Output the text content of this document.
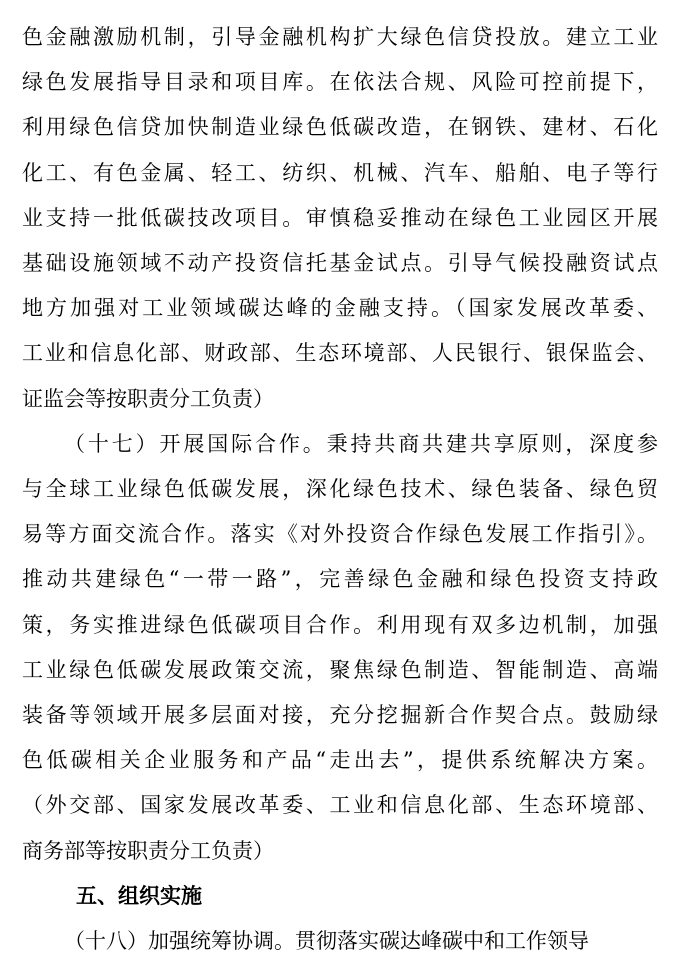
色金融激励机制，引导金融机构扩大绿色信贷投放。建立工业
绿色发展指导目录和项目库。在依法合规、风险可控前提下，
利用绿色信贷加快制造业绿色低碳改造，在钢铁、建材、石化
化工、有色金属、轻工、纺织、机械、汽车、船舶、电子等行
业支持一批低碳技改项目。审慎稳妥推动在绿色工业园区开展
基础设施领域不动产投资信托基金试点。引导气候投融资试点
地方加强对工业领域碳达峰的金融支持。（国家发展改革委、
工业和信息化部、财政部、生态环境部、人民银行、银保监会、
证监会等按职责分工负责）
（十七）开展国际合作。秉持共商共建共享原则，深度参
与全球工业绿色低碳发展，深化绿色技术、绿色装备、绿色贸
易等方面交流合作。落实《对外投资合作绿色发展工作指引》。
推动共建绿色“一带一路”，完善绿色金融和绿色投资支持政
策，务实推进绿色低碳项目合作。利用现有双多边机制，加强
工业绿色低碳发展政策交流，聚焦绿色制造、智能制造、高端
装备等领域开展多层面对接，充分挖掘新合作契合点。鼓励绿
色低碳相关企业服务和产品“走出去”，提供系统解决方案。
（外交部、国家发展改革委、工业和信息化部、生态环境部、
商务部等按职责分工负责）
五、组织实施
（十八）加强统筹协调。贯彻落实碳达峰碳中和工作领导
